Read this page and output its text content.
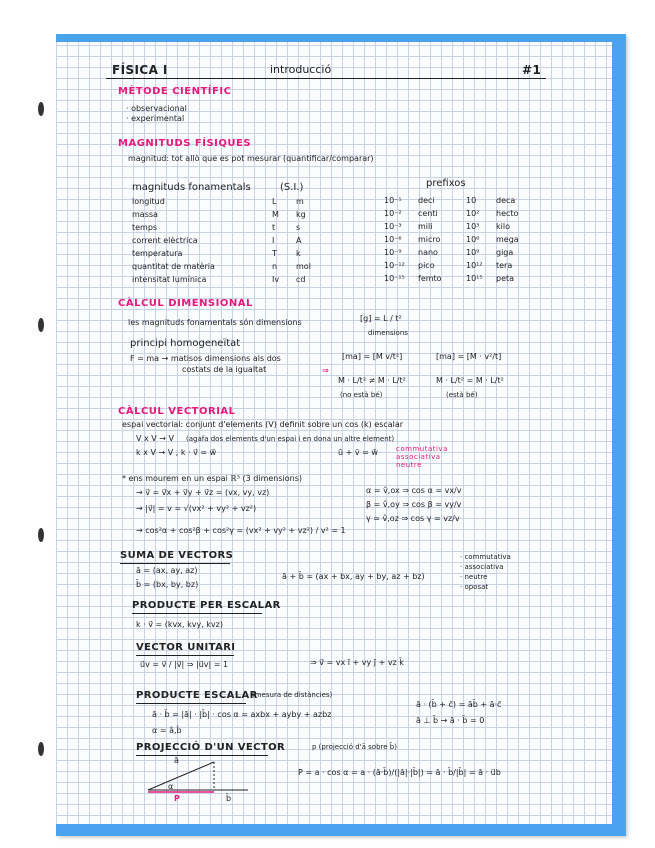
FÍSICA I	introducció	#1
MÈTODE CIENTÍFIC
· observacional
· experimental
MAGNITUDS FÍSIQUES
magnitud: tot allò que es pot mesurar (quantificar/comparar)
magnituds fonamentals	(S.I.)	prefixos
longitud	L m
massa	M kg
temps	t	s
corrent elèctrica	I	A
temperatura	T k
quantitat de matèria	n mol
intensitat lumínica	Iv cd
10⁻¹ deci	10 deca
10⁻² centi	10² hecto
10⁻³ mili	10³ kilo
10⁻⁶ micro	10⁶ mega
10⁻⁹ nano	10⁹ giga
10⁻¹² pico	10¹² tera
10⁻¹⁵ femto	10¹⁵ peta
CÀLCUL DIMENSIONAL
les magnituds fonamentals són dimensions	[g] = L / t²
dimensions
principi homogeneïtat
F = ma → matisos dimensions als dos
costats de la igualtat
[ma] = [M v/t²]	[ma] = [M · v²/t]
⇒
M · L/t² ≠ M · L/t²	M · L/t² = M · L/t²
(no està bé)	(està bé)
CÀLCUL VECTORIAL
espai vectorial: conjunt d'elements (V) definit sobre un cos (k) escalar
V x V → V (agafa dos elements d'un espai i en dona un altre element)
k x V → V , k · v⃗ = w⃗	ū + v̄ = w̄	commutativa
associativa
neutre
* ens mourem en un espai ℝ³ (3 dimensions)
→ v⃗ = v⃗x + v⃗y + v⃗z = (vx, vy, vz)
→ |v⃗| = v = √(vx² + vy² + vz²)
→ cos²α + cos²β + cos²γ = (vx² + vy² + vz²) / v² = 1
α = v̂,ox ⇒ cos α = vx/v
β = v̂,oy ⇒ cos β = vy/v
γ = v̂,oz ⇒ cos γ = vz/v
SUMA DE VECTORS
ā = (ax, ay, az)
b̄ = (bx, by, bz)
ā + b̄ = (ax + bx, ay + by, az + bz)
· commutativa
· associativa
· neutre
· oposat
PRODUCTE PER ESCALAR
k · v⃗ = (kvx, kvy, kvz)
VECTOR UNITARI
u⃗v = v⃗ / |v⃗| ⇒ |u⃗v| = 1	⇒ v⃗ = vx ī + vy j̄ + vz k̄
PRODUCTE ESCALAR
(mesura de distàncies)
ā · b̄ = |ā| · |b̄| · cos α = axbx + ayby + azbz
α = â,b̂
ā · (b̄ + c̄) = āb̄ + ā·c̄
ā ⊥ b̄ → ā · b̄ = 0
PROJECCIÓ D'UN VECTOR	p (projecció d'ā sobre b̄)
P = a · cos α = a · (ā·b̄)/(|ā|·|b̄|) = ā · b̄/|b̄| = ā · u⃗b
ā
α
P	b̄
